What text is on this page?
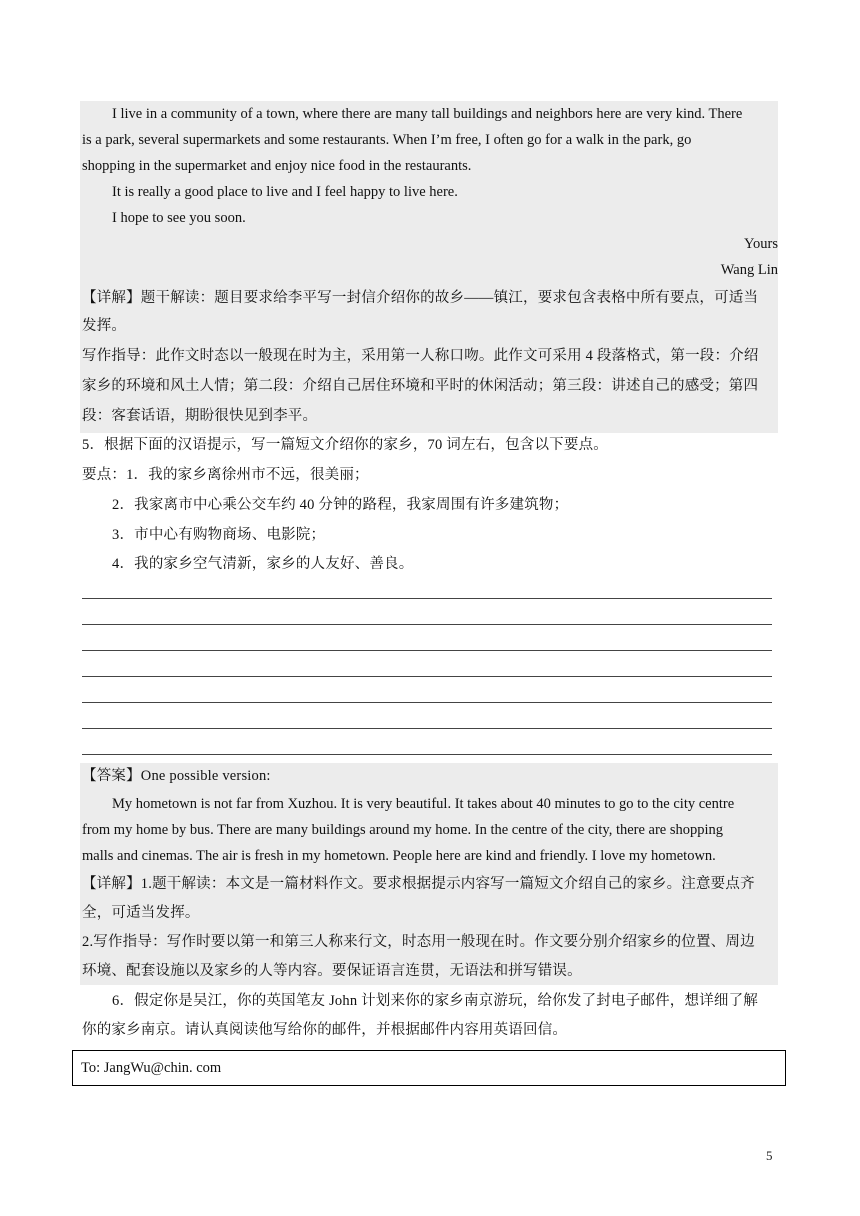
I live in a community of a town, where there are many tall buildings and neighbors here are very kind. There
is a park, several supermarkets and some restaurants. When I’m free, I often go for a walk in the park, go
shopping in the supermarket and enjoy nice food in the restaurants.
It is really a good place to live and I feel happy to live here.
I hope to see you soon.
Yours
Wang Lin
【详解】题干解读：题目要求给李平写一封信介绍你的故乡——镇江，要求包含表格中所有要点，可适当
发挥。
写作指导：此作文时态以一般现在时为主，采用第一人称口吻。此作文可采用 4 段落格式，第一段：介绍
家乡的环境和风土人情；第二段：介绍自己居住环境和平时的休闲活动；第三段：讲述自己的感受；第四
段：客套话语，期盼很快见到李平。
5．根据下面的汉语提示，写一篇短文介绍你的家乡，70 词左右，包含以下要点。
要点：1．我的家乡离徐州市不远，很美丽；
2．我家离市中心乘公交车约 40 分钟的路程，我家周围有许多建筑物；
3．市中心有购物商场、电影院；
4．我的家乡空气清新，家乡的人友好、善良。
【答案】One possible version:
My hometown is not far from Xuzhou. It is very beautiful. It takes about 40 minutes to go to the city centre
from my home by bus. There are many buildings around my home. In the centre of the city, there are shopping
malls and cinemas. The air is fresh in my hometown. People here are kind and friendly. I love my hometown.
【详解】1.题干解读：本文是一篇材料作文。要求根据提示内容写一篇短文介绍自己的家乡。注意要点齐
全，可适当发挥。
2.写作指导：写作时要以第一和第三人称来行文，时态用一般现在时。作文要分别介绍家乡的位置、周边
环境、配套设施以及家乡的人等内容。要保证语言连贯，无语法和拼写错误。
6．假定你是吴江，你的英国笔友 John 计划来你的家乡南京游玩，给你发了封电子邮件，想详细了解
你的家乡南京。请认真阅读他写给你的邮件，并根据邮件内容用英语回信。
To: JangWu@chin. com
5
